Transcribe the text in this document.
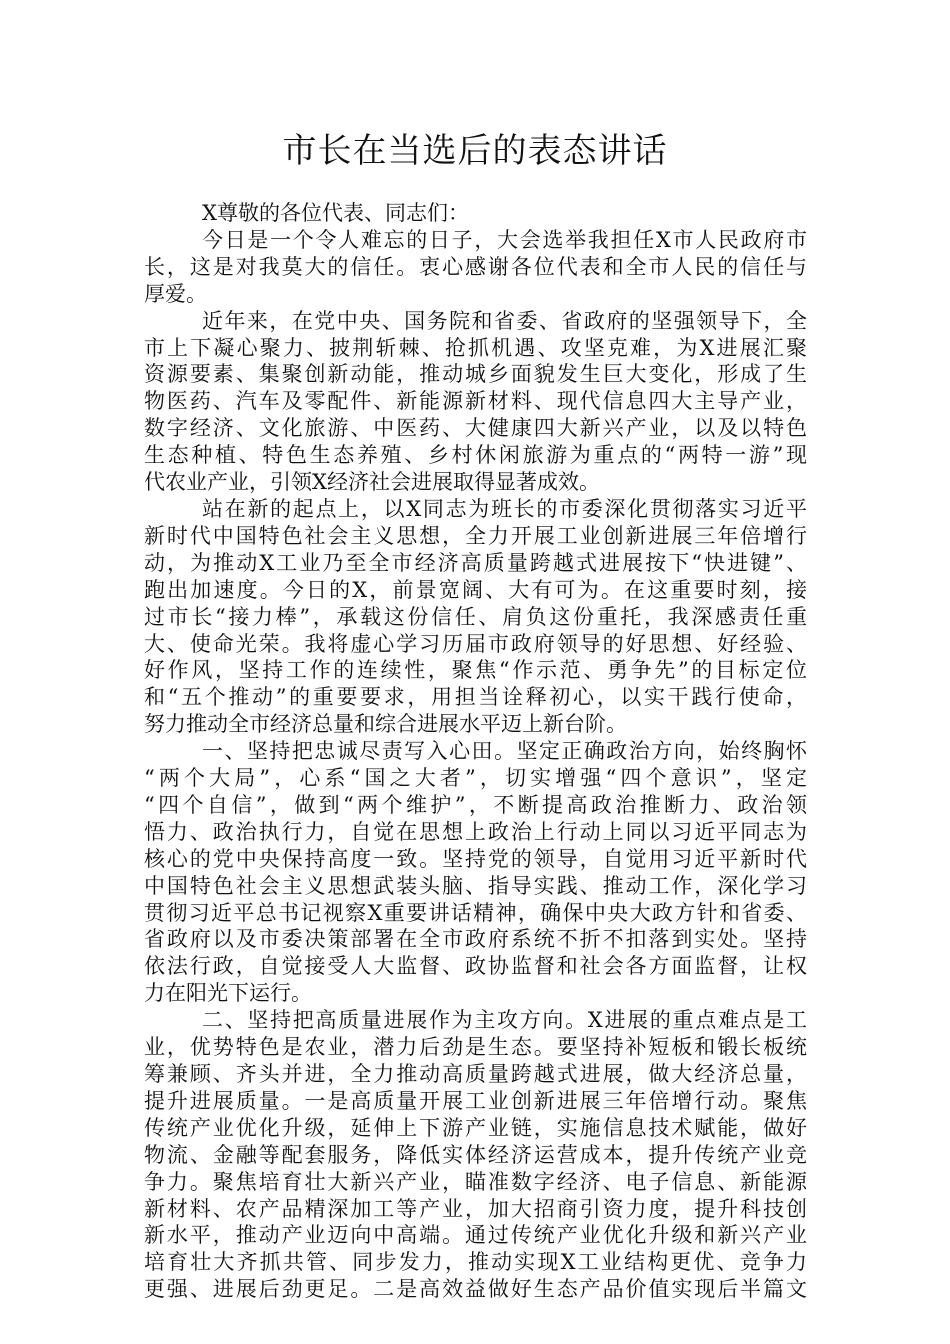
市长在当选后的表态讲话
X尊敬的各位代表、同志们：
今日是一个令人难忘的日子，大会选举我担任X市人民政府市
长，这是对我莫大的信任。衷心感谢各位代表和全市人民的信任与
厚爱。
近年来，在党中央、国务院和省委、省政府的坚强领导下，全
市上下凝心聚力、披荆斩棘、抢抓机遇、攻坚克难，为X进展汇聚
资源要素、集聚创新动能，推动城乡面貌发生巨大变化，形成了生
物医药、汽车及零配件、新能源新材料、现代信息四大主导产业，
数字经济、文化旅游、中医药、大健康四大新兴产业，以及以特色
生态种植、特色生态养殖、乡村休闲旅游为重点的“两特一游”现
代农业产业，引领X经济社会进展取得显著成效。
站在新的起点上，以X同志为班长的市委深化贯彻落实习近平
新时代中国特色社会主义思想，全力开展工业创新进展三年倍增行
动，为推动X工业乃至全市经济高质量跨越式进展按下“快进键”、
跑出加速度。今日的X，前景宽阔、大有可为。在这重要时刻，接
过市长“接力棒”，承载这份信任、肩负这份重托，我深感责任重
大、使命光荣。我将虚心学习历届市政府领导的好思想、好经验、
好作风，坚持工作的连续性，聚焦“作示范、勇争先”的目标定位
和“五个推动”的重要要求，用担当诠释初心，以实干践行使命，
努力推动全市经济总量和综合进展水平迈上新台阶。
一、坚持把忠诚尽责写入心田。坚定正确政治方向，始终胸怀
“两个大局”，心系“国之大者”，切实增强“四个意识”，坚定
“四个自信”，做到“两个维护”，不断提高政治推断力、政治领
悟力、政治执行力，自觉在思想上政治上行动上同以习近平同志为
核心的党中央保持高度一致。坚持党的领导，自觉用习近平新时代
中国特色社会主义思想武装头脑、指导实践、推动工作，深化学习
贯彻习近平总书记视察X重要讲话精神，确保中央大政方针和省委、
省政府以及市委决策部署在全市政府系统不折不扣落到实处。坚持
依法行政，自觉接受人大监督、政协监督和社会各方面监督，让权
力在阳光下运行。
二、坚持把高质量进展作为主攻方向。X进展的重点难点是工
业，优势特色是农业，潜力后劲是生态。要坚持补短板和锻长板统
筹兼顾、齐头并进，全力推动高质量跨越式进展，做大经济总量，
提升进展质量。一是高质量开展工业创新进展三年倍增行动。聚焦
传统产业优化升级，延伸上下游产业链，实施信息技术赋能，做好
物流、金融等配套服务，降低实体经济运营成本，提升传统产业竞
争力。聚焦培育壮大新兴产业，瞄准数字经济、电子信息、新能源
新材料、农产品精深加工等产业，加大招商引资力度，提升科技创
新水平，推动产业迈向中高端。通过传统产业优化升级和新兴产业
培育壮大齐抓共管、同步发力，推动实现X工业结构更优、竞争力
更强、进展后劲更足。二是高效益做好生态产品价值实现后半篇文
